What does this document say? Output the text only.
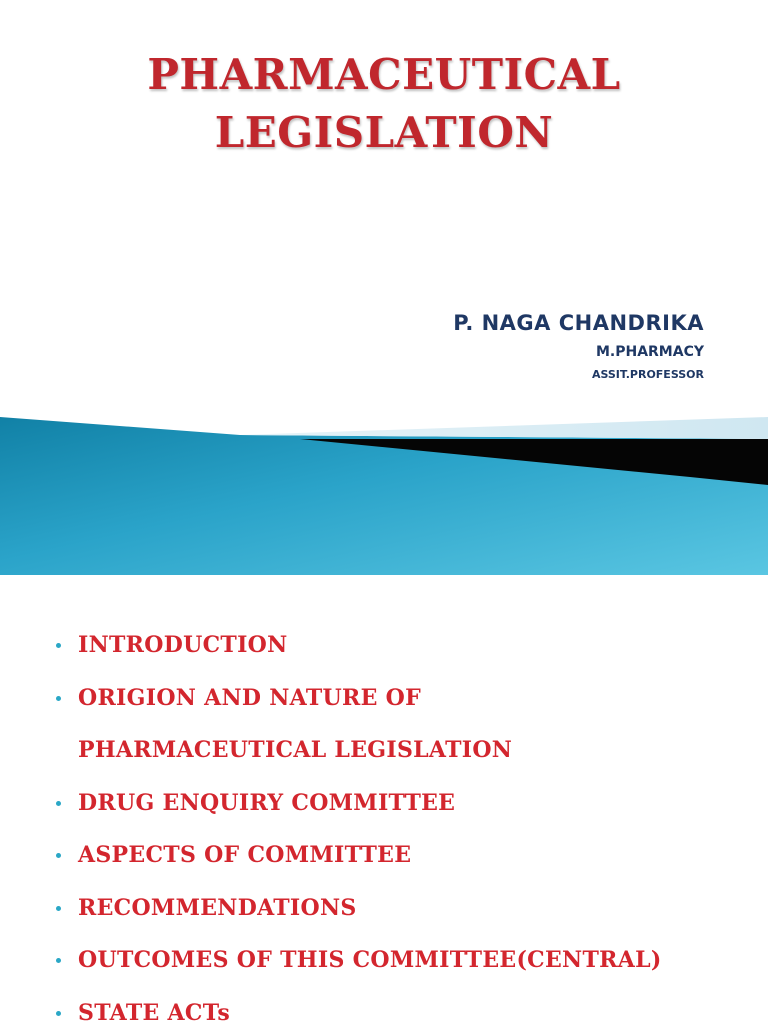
PHARMACEUTICAL
LEGISLATION
P. NAGA CHANDRIKA
M.PHARMACY
ASSIT.PROFESSOR
INTRODUCTION
ORIGION AND NATURE OF
PHARMACEUTICAL LEGISLATION
DRUG ENQUIRY COMMITTEE
ASPECTS OF COMMITTEE
RECOMMENDATIONS
OUTCOMES OF THIS COMMITTEE(CENTRAL)
STATE ACTs
